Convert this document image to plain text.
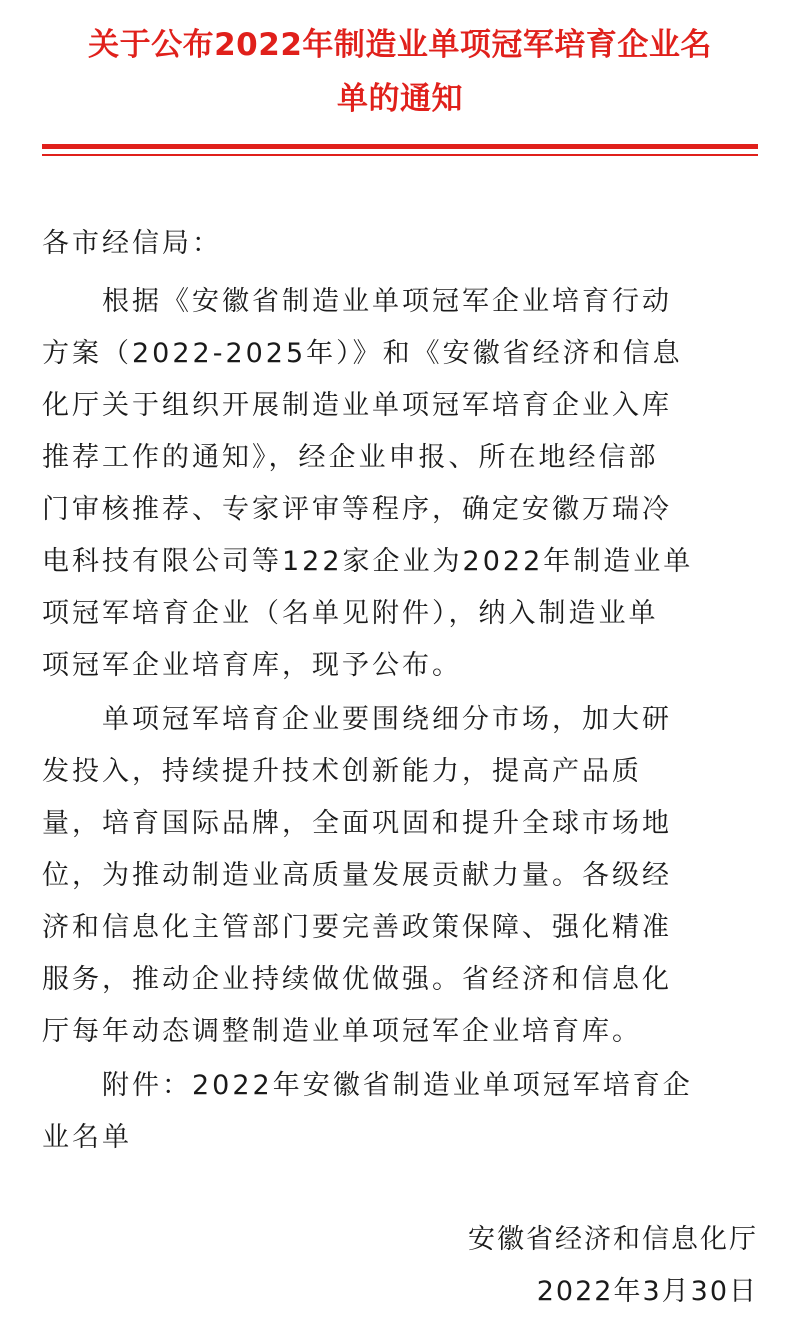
关于公布2022年制造业单项冠军培育企业名
单的通知
各市经信局：
　　根据《安徽省制造业单项冠军企业培育行动
方案（2022-2025年）》和《安徽省经济和信息
化厅关于组织开展制造业单项冠军培育企业入库
推荐工作的通知》，经企业申报、所在地经信部
门审核推荐、专家评审等程序，确定安徽万瑞冷
电科技有限公司等122家企业为2022年制造业单
项冠军培育企业（名单见附件），纳入制造业单
项冠军企业培育库，现予公布。
　　单项冠军培育企业要围绕细分市场，加大研
发投入，持续提升技术创新能力，提高产品质
量，培育国际品牌，全面巩固和提升全球市场地
位，为推动制造业高质量发展贡献力量。各级经
济和信息化主管部门要完善政策保障、强化精准
服务，推动企业持续做优做强。省经济和信息化
厅每年动态调整制造业单项冠军企业培育库。
　　附件：2022年安徽省制造业单项冠军培育企
业名单
安徽省经济和信息化厅
2022年3月30日
